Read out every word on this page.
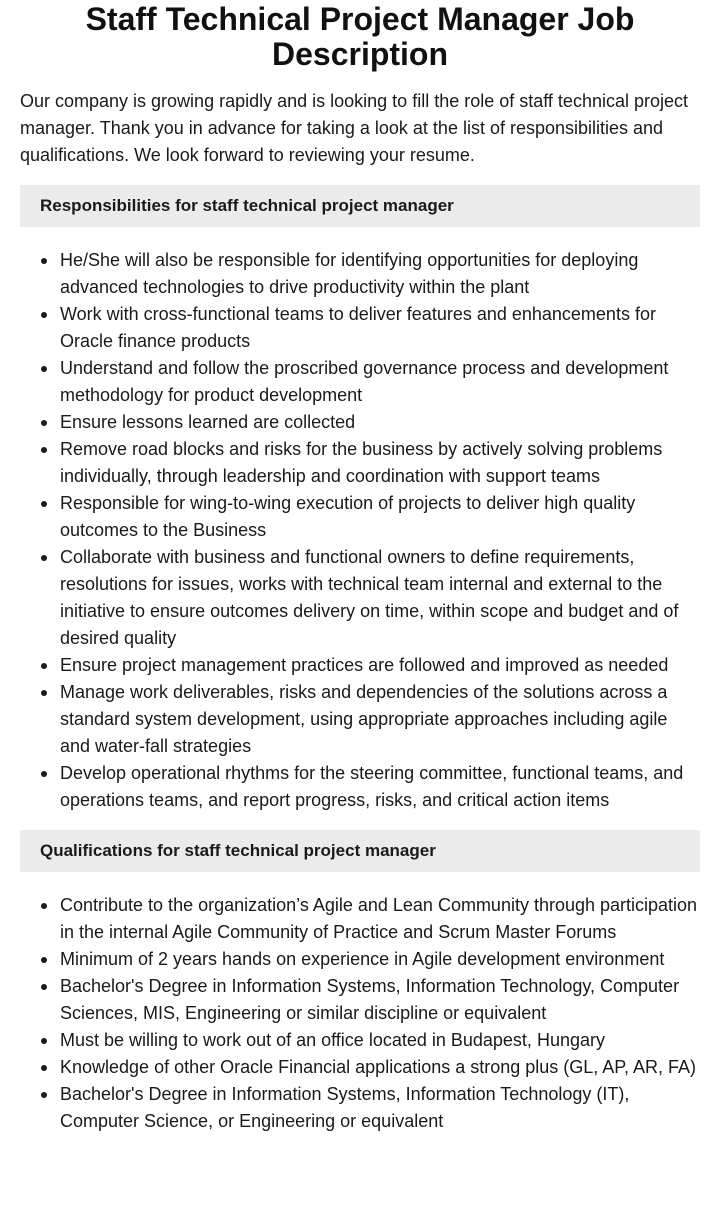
Staff Technical Project Manager Job Description

Our company is growing rapidly and is looking to fill the role of staff technical project manager. Thank you in advance for taking a look at the list of responsibilities and qualifications. We look forward to reviewing your resume.

Responsibilities for staff technical project manager
He/She will also be responsible for identifying opportunities for deploying advanced technologies to drive productivity within the plant
Work with cross-functional teams to deliver features and enhancements for Oracle finance products
Understand and follow the proscribed governance process and development methodology for product development
Ensure lessons learned are collected
Remove road blocks and risks for the business by actively solving problems individually, through leadership and coordination with support teams
Responsible for wing-to-wing execution of projects to deliver high quality outcomes to the Business
Collaborate with business and functional owners to define requirements, resolutions for issues, works with technical team internal and external to the initiative to ensure outcomes delivery on time, within scope and budget and of desired quality
Ensure project management practices are followed and improved as needed
Manage work deliverables, risks and dependencies of the solutions across a standard system development, using appropriate approaches including agile and water-fall strategies
Develop operational rhythms for the steering committee, functional teams, and operations teams, and report progress, risks, and critical action items
Qualifications for staff technical project manager
Contribute to the organization’s Agile and Lean Community through participation in the internal Agile Community of Practice and Scrum Master Forums
Minimum of 2 years hands on experience in Agile development environment
Bachelor's Degree in Information Systems, Information Technology, Computer Sciences, MIS, Engineering or similar discipline or equivalent
Must be willing to work out of an office located in Budapest, Hungary
Knowledge of other Oracle Financial applications a strong plus (GL, AP, AR, FA)
Bachelor's Degree in Information Systems, Information Technology (IT), Computer Science, or Engineering or equivalent
